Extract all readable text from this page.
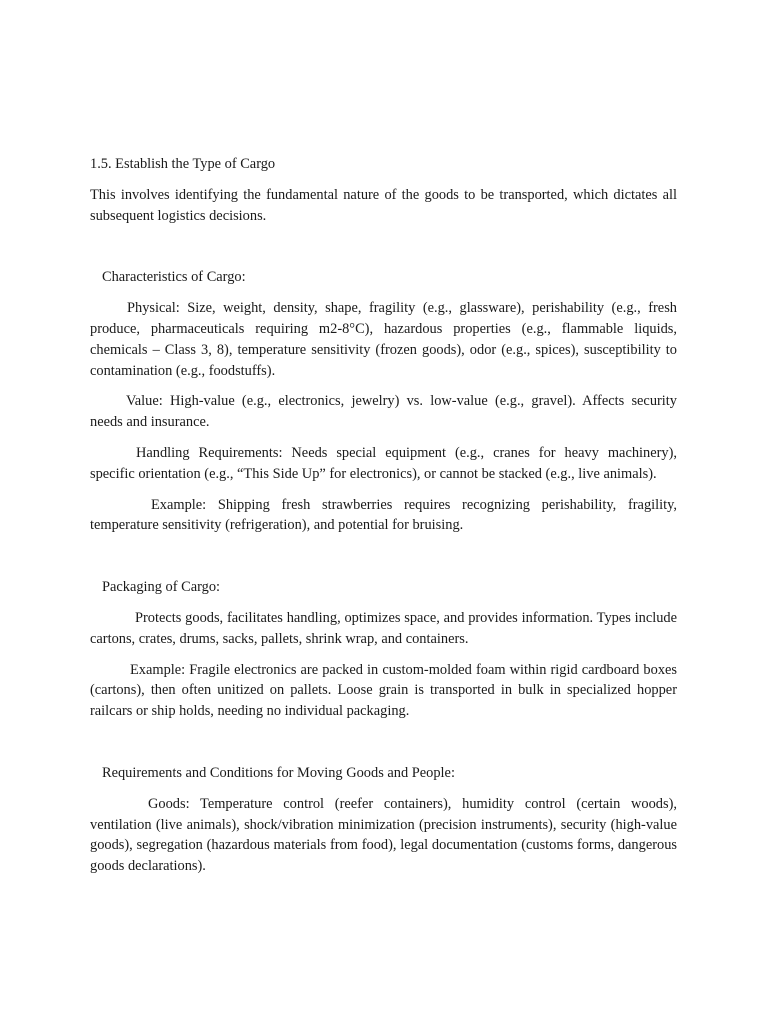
1.5. Establish the Type of Cargo

This involves identifying the fundamental nature of the goods to be transported, which dictates all subsequent logistics decisions.

Characteristics of Cargo:

Physical: Size, weight, density, shape, fragility (e.g., glassware), perishability (e.g., fresh produce, pharmaceuticals requiring m2-8°C), hazardous properties (e.g., flammable liquids, chemicals – Class 3, 8), temperature sensitivity (frozen goods), odor (e.g., spices), susceptibility to contamination (e.g., foodstuffs).

Value: High-value (e.g., electronics, jewelry) vs. low-value (e.g., gravel). Affects security needs and insurance.

Handling Requirements: Needs special equipment (e.g., cranes for heavy machinery), specific orientation (e.g., “This Side Up” for electronics), or cannot be stacked (e.g., live animals).

Example: Shipping fresh strawberries requires recognizing perishability, fragility, temperature sensitivity (refrigeration), and potential for bruising.

Packaging of Cargo:

Protects goods, facilitates handling, optimizes space, and provides information. Types include cartons, crates, drums, sacks, pallets, shrink wrap, and containers.

Example: Fragile electronics are packed in custom-molded foam within rigid cardboard boxes (cartons), then often unitized on pallets. Loose grain is transported in bulk in specialized hopper railcars or ship holds, needing no individual packaging.

Requirements and Conditions for Moving Goods and People:

Goods: Temperature control (reefer containers), humidity control (certain woods), ventilation (live animals), shock/vibration minimization (precision instruments), security (high-value goods), segregation (hazardous materials from food), legal documentation (customs forms, dangerous goods declarations).
